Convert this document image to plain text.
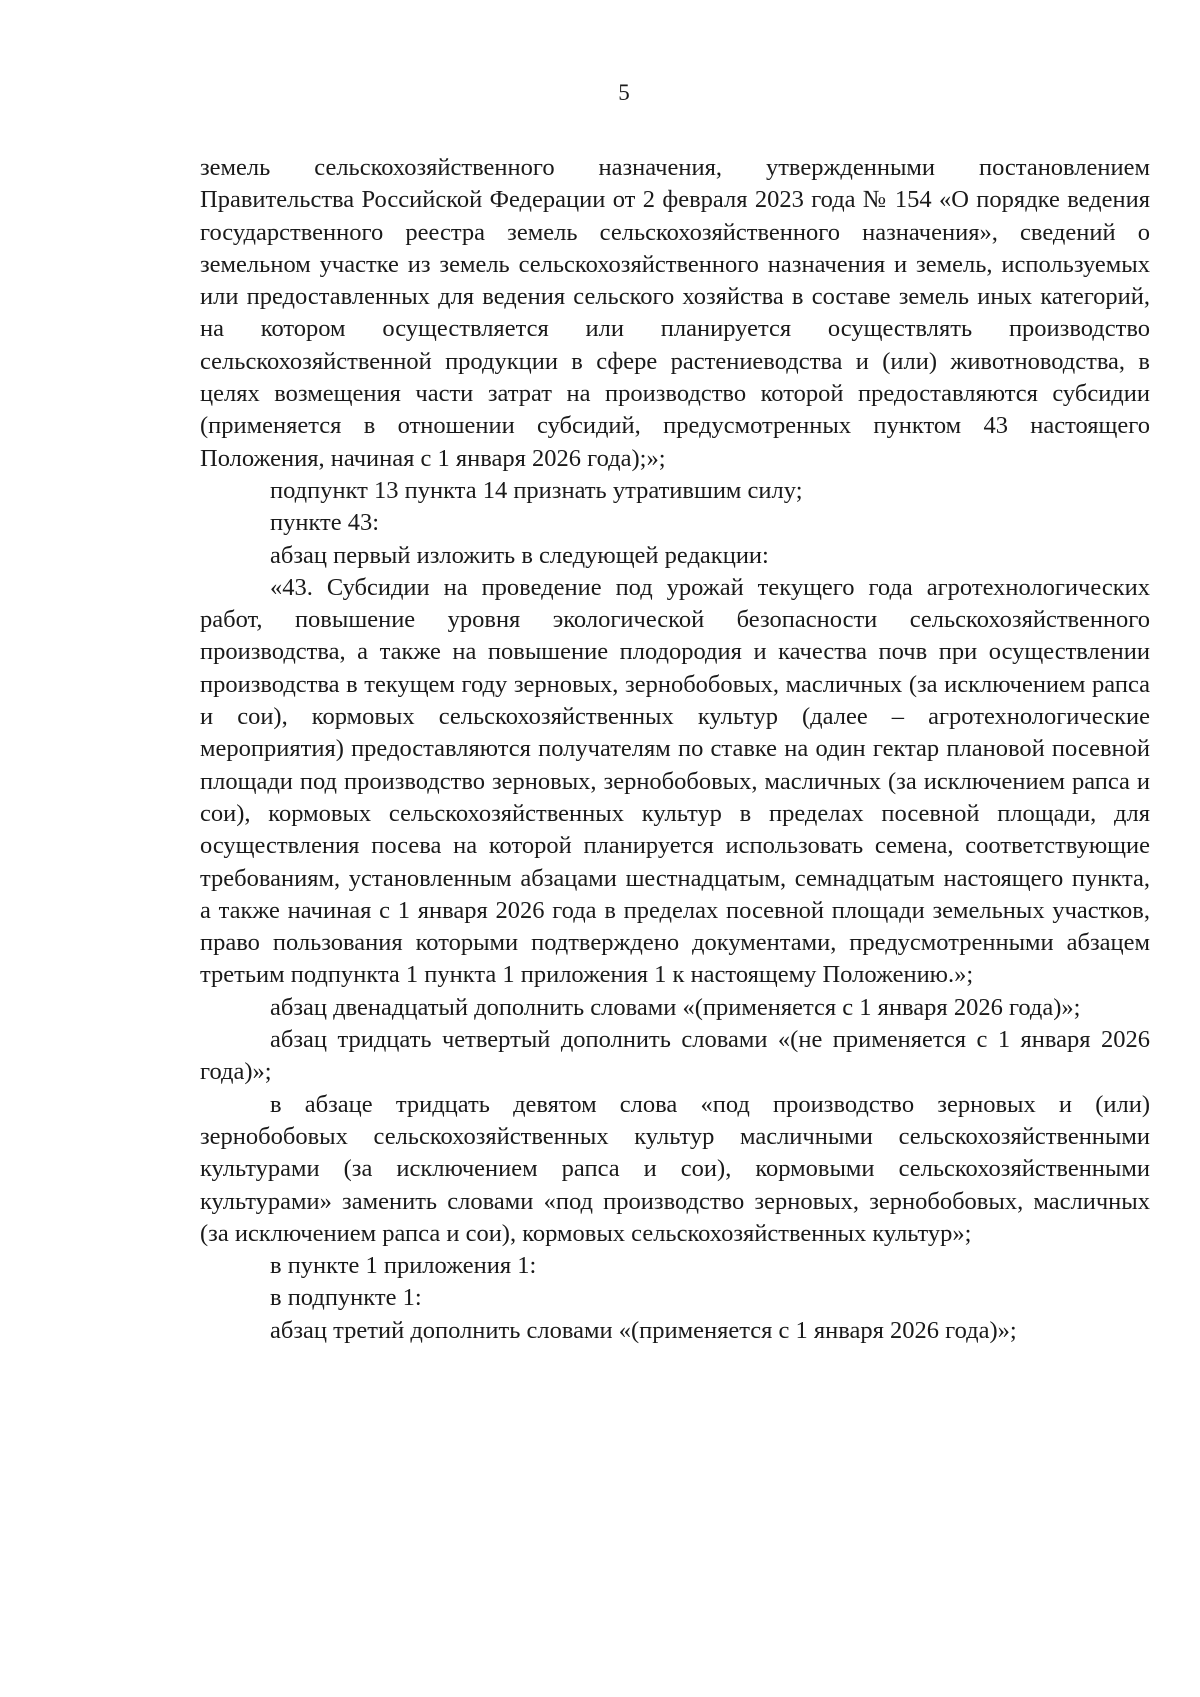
5

земель сельскохозяйственного назначения, утвержденными постановлением Правительства Российской Федерации от 2 февраля 2023 года № 154 «О порядке ведения государственного реестра земель сельскохозяйственного назначения», сведений о земельном участке из земель сельскохозяйственного назначения и земель, используемых или предоставленных для ведения сельского хозяйства в составе земель иных категорий, на котором осуществляется или планируется осуществлять производство сельскохозяйственной продукции в сфере растениеводства и (или) животноводства, в целях возмещения части затрат на производство которой предоставляются субсидии (применяется в отношении субсидий, предусмотренных пунктом 43 настоящего Положения, начиная с 1 января 2026 года);»;

подпункт 13 пункта 14 признать утратившим силу;

пункте 43:

абзац первый изложить в следующей редакции:

«43. Субсидии на проведение под урожай текущего года агротехнологических работ, повышение уровня экологической безопасности сельскохозяйственного производства, а также на повышение плодородия и качества почв при осуществлении производства в текущем году зерновых, зернобобовых, масличных (за исключением рапса и сои), кормовых сельскохозяйственных культур (далее – агротехнологические мероприятия) предоставляются получателям по ставке на один гектар плановой посевной площади под производство зерновых, зернобобовых, масличных (за исключением рапса и сои), кормовых сельскохозяйственных культур в пределах посевной площади, для осуществления посева на которой планируется использовать семена, соответствующие требованиям, установленным абзацами шестнадцатым, семнадцатым настоящего пункта, а также начиная с 1 января 2026 года в пределах посевной площади земельных участков, право пользования которыми подтверждено документами, предусмотренными абзацем третьим подпункта 1 пункта 1 приложения 1 к настоящему Положению.»;

абзац двенадцатый дополнить словами «(применяется с 1 января 2026 года)»;

абзац тридцать четвертый дополнить словами «(не применяется с 1 января 2026 года)»;

в абзаце тридцать девятом слова «под производство зерновых и (или) зернобобовых сельскохозяйственных культур масличными сельскохозяйственными культурами (за исключением рапса и сои), кормовыми сельскохозяйственными культурами» заменить словами «под производство зерновых, зернобобовых, масличных (за исключением рапса и сои), кормовых сельскохозяйственных культур»;

в пункте 1 приложения 1:

в подпункте 1:

абзац третий дополнить словами «(применяется с 1 января 2026 года)»;
